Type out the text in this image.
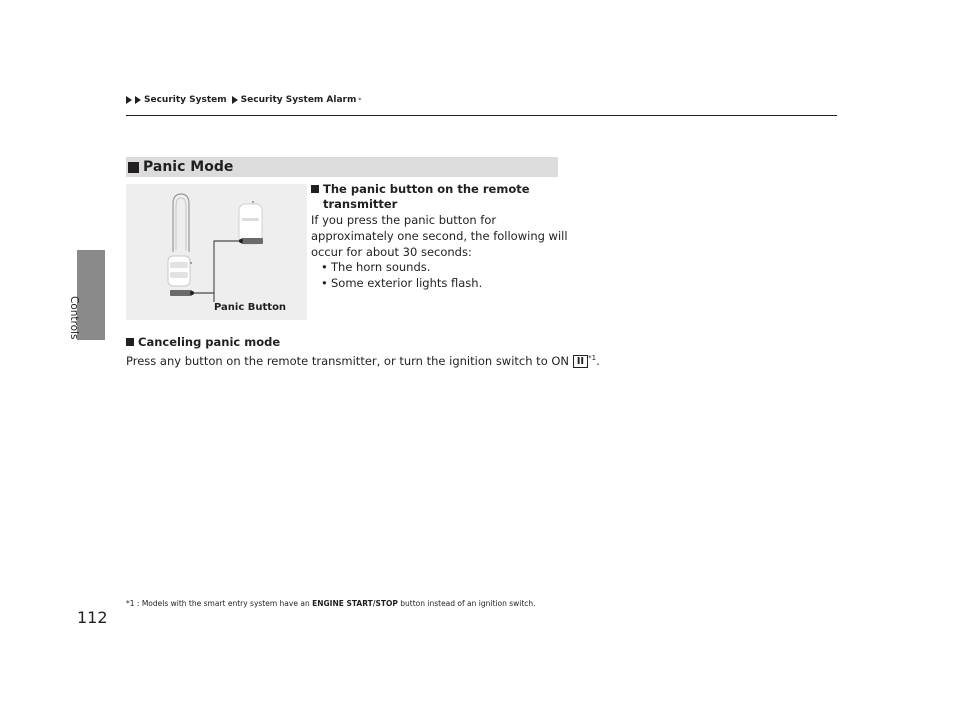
Controls
112
Security System Security System Alarm *
Panic Mode
Panic Button
The panic button on the remote
transmitter
If you press the panic button for
approximately one second, the following will
occur for about 30 seconds:
• The horn sounds.
• Some exterior lights flash.
Canceling panic mode
Press any button on the remote transmitter, or turn the ignition switch to ON II $^{*1}$.
*1 : Models with the smart entry system have an ENGINE START/STOP button instead of an ignition switch.
